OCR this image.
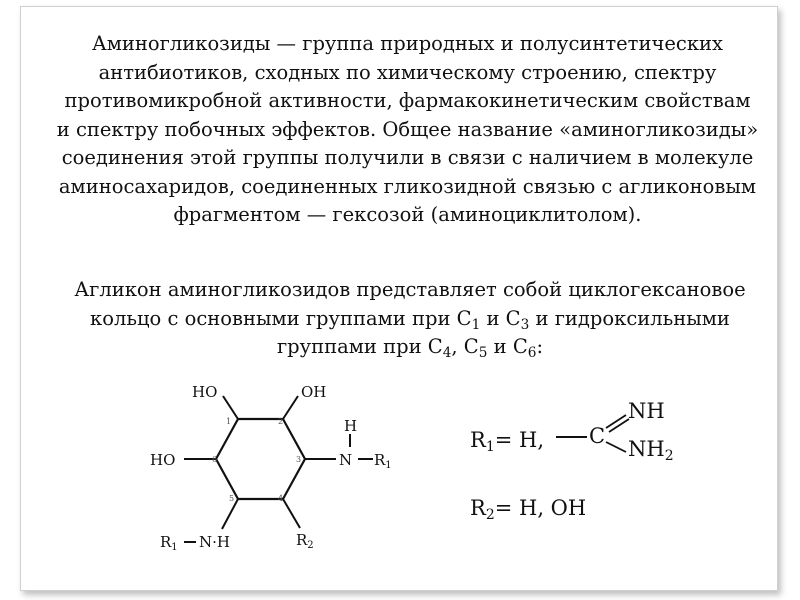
Аминогликозиды — группа природных и полусинтетических антибиотиков, сходных по химическому строению, спектру противомикробной активности, фармакокинетическим свойствам и спектру побочных эффектов. Общее название «аминогликозиды» соединения этой группы получили в связи с наличием в молекуле аминосахаридов, соединенных гликозидной связью с агликоновым фрагментом — гексозой (аминоциклитолом).
Агликон аминогликозидов представляет собой циклогексановое кольцо с основными группами при $С_1$ и $С_3$ и гидроксильными группами при $С_4$, $С_5$ и $С_6$:
1	2
3
4
5
6
HO	OH
HO
H
N $R_1$
$R_1$ N·H	$R_2$
R1= H, C
NH
NH2
R2= H, OH
